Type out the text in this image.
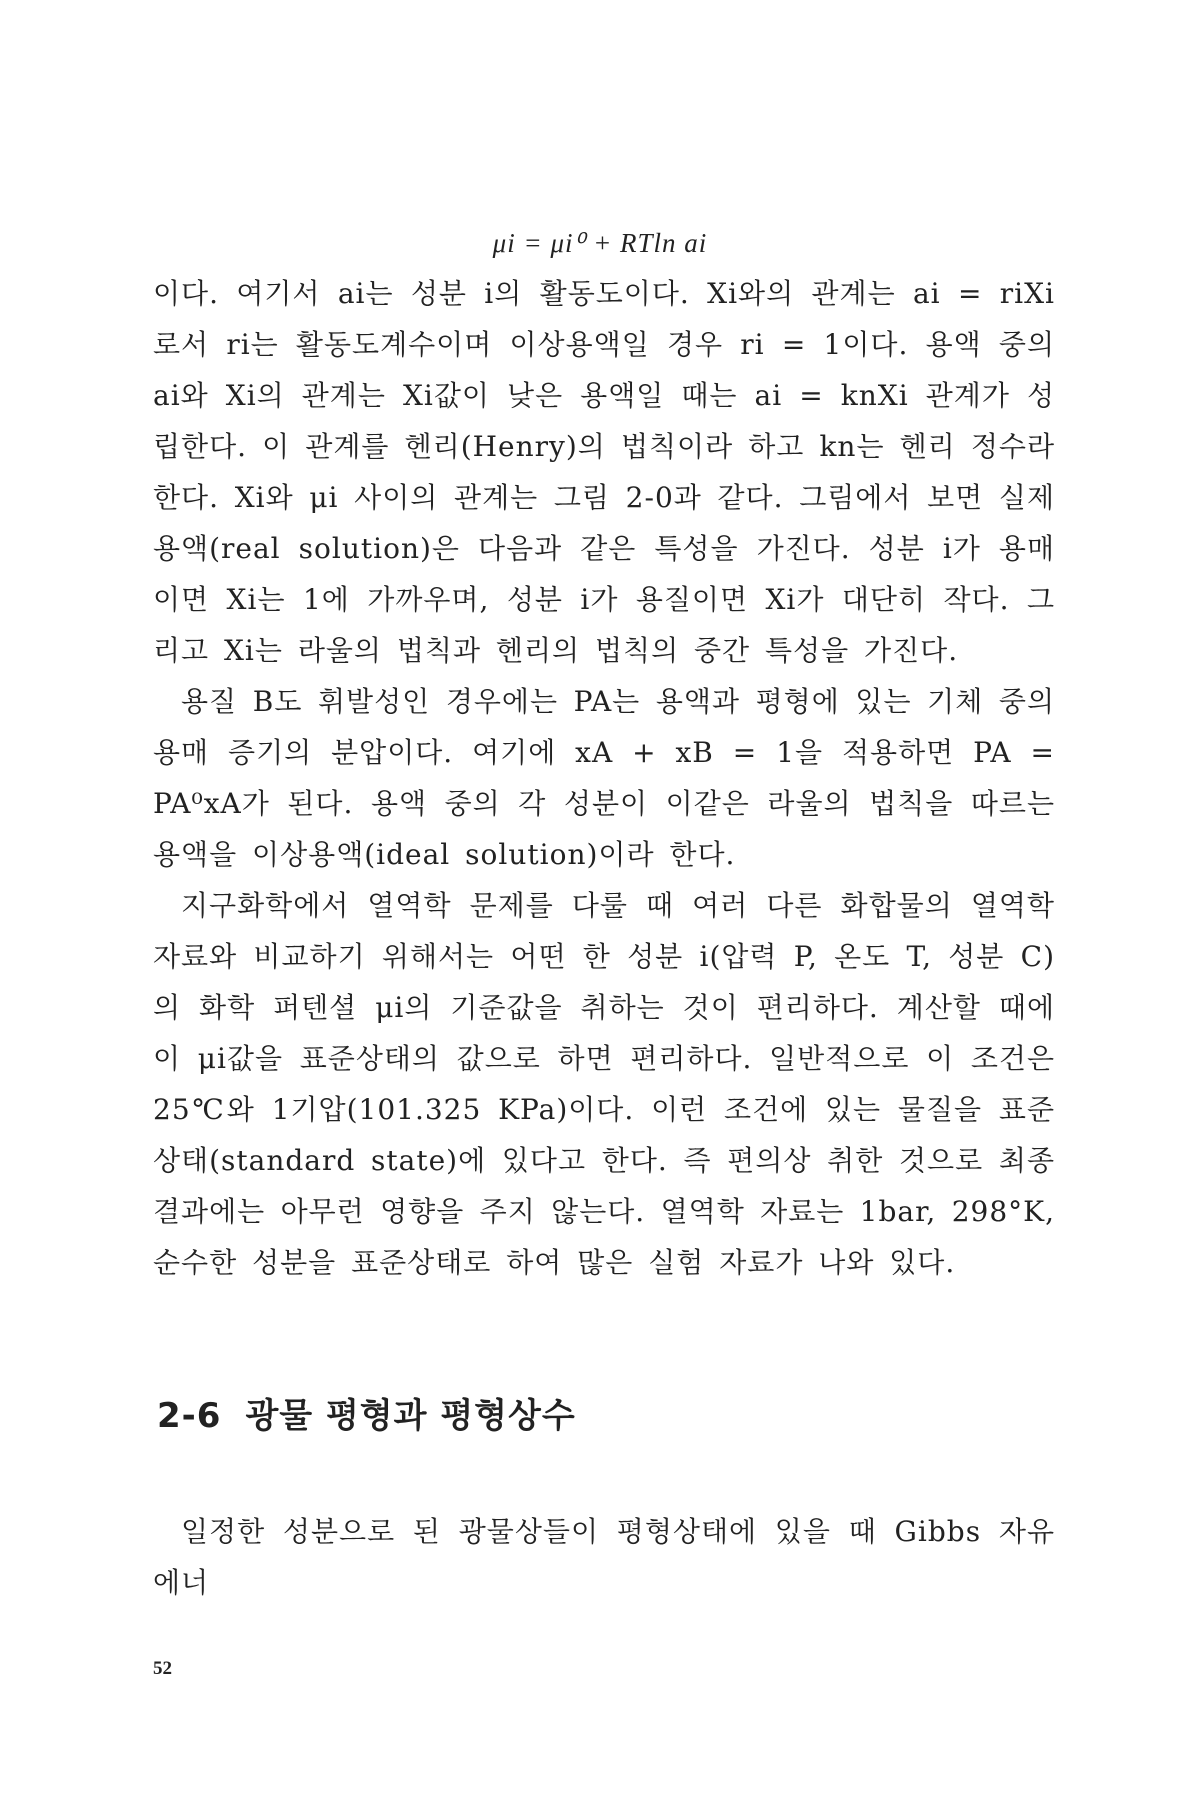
μi = μi⁰ + RTln ai

이다. 여기서 ai는 성분 i의 활동도이다. Xi와의 관계는 ai = riXi로서 ri는 활동도계수이며 이상용액일 경우 ri = 1이다. 용액 중의 ai와 Xi의 관계는 Xi값이 낮은 용액일 때는 ai = knXi 관계가 성립한다. 이 관계를 헨리(Henry)의 법칙이라 하고 kn는 헨리 정수라 한다. Xi와 μi 사이의 관계는 그림 2-0과 같다. 그림에서 보면 실제용액(real solution)은 다음과 같은 특성을 가진다. 성분 i가 용매이면 Xi는 1에 가까우며, 성분 i가 용질이면 Xi가 대단히 작다. 그리고 Xi는 라울의 법칙과 헨리의 법칙의 중간 특성을 가진다.

용질 B도 휘발성인 경우에는 PA는 용액과 평형에 있는 기체 중의 용매 증기의 분압이다. 여기에 xA + xB = 1을 적용하면 PA = PA⁰xA가 된다. 용액 중의 각 성분이 이같은 라울의 법칙을 따르는 용액을 이상용액(ideal solution)이라 한다.

지구화학에서 열역학 문제를 다룰 때 여러 다른 화합물의 열역학 자료와 비교하기 위해서는 어떤 한 성분 i(압력 P, 온도 T, 성분 C)의 화학 퍼텐셜 μi의 기준값을 취하는 것이 편리하다. 계산할 때에 이 μi값을 표준상태의 값으로 하면 편리하다. 일반적으로 이 조건은 25℃와 1기압(101.325 KPa)이다. 이런 조건에 있는 물질을 표준상태(standard state)에 있다고 한다. 즉 편의상 취한 것으로 최종 결과에는 아무런 영향을 주지 않는다. 열역학 자료는 1bar, 298°K, 순수한 성분을 표준상태로 하여 많은 실험 자료가 나와 있다.

2-6 광물 평형과 평형상수

일정한 성분으로 된 광물상들이 평형상태에 있을 때 Gibbs 자유에너

52
